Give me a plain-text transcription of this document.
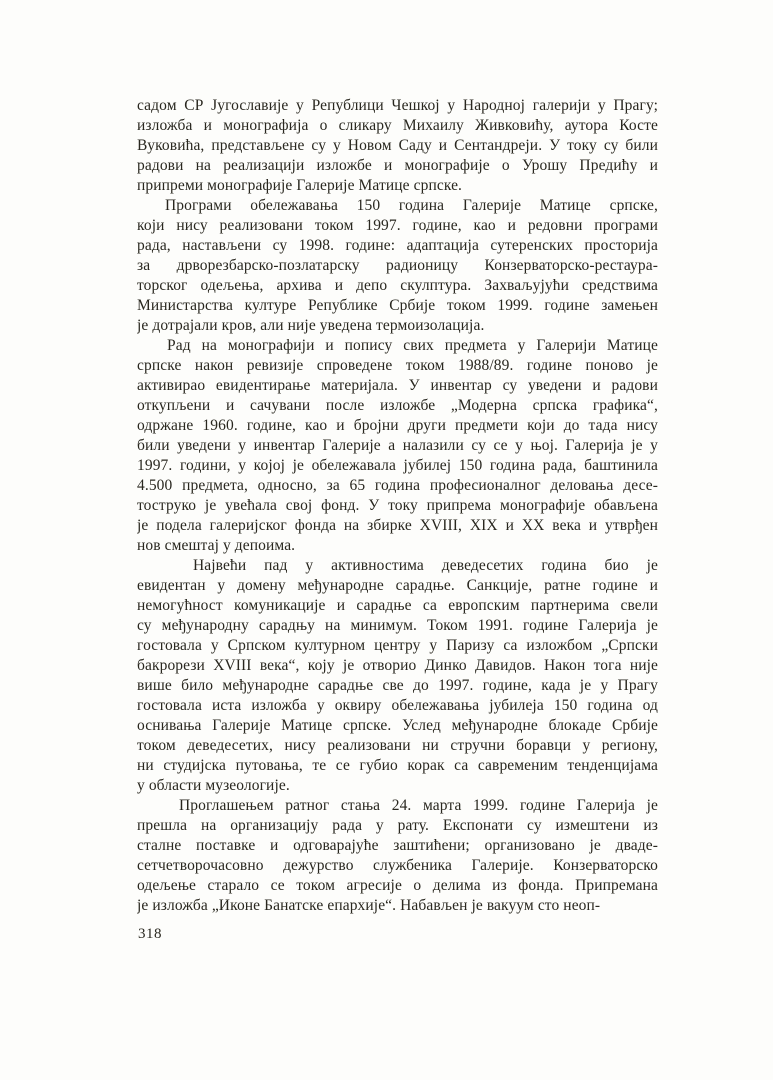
садом СР Југославије у Републици Чешкој у Народној галерији у Прагу;
изложба и монографија о сликару Михаилу Живковићу, аутора Косте
Вуковића, представљене су у Новом Саду и Сентандреји. У току су били
радови на реализацији изложбе и монографије о Урошу Предићу и
припреми монографије Галерије Матице српске.
Програми обележавања 150 година Галерије Матице српске,
који нису реализовани током 1997. године, као и редовни програми
рада, настављени су 1998. године: адаптација сутеренских просторија
за дрворезбарско-позлатарску радионицу Конзерваторско-рестаура-
торског одељења, архива и депо скулптура. Захваљујући средствима
Министарства културе Републике Србије током 1999. године замењен
је дотрајали кров, али није уведена термоизолација.
Рад на монографији и попису свих предмета у Галерији Матице
српске након ревизије спроведене током 1988/89. године поново је
активирао евидентирање материјала. У инвентар су уведени и радови
откупљени и сачувани после изложбе „Модерна српска графика“,
одржане 1960. године, као и бројни други предмети који до тада нису
били уведени у инвентар Галерије а налазили су се у њој. Галерија је у
1997. години, у којој је обележавала јубилеј 150 година рада, баштинила
4.500 предмета, односно, за 65 година професионалног деловања десе-
тоструко је увећала свој фонд. У току припрема монографије обављена
је подела галеријског фонда на збирке XVIII, XIX и XX века и утврђен
нов смештај у депоима.
Највећи пад у активностима деведесетих година био је
евидентан у домену међународне сарадње. Санкције, ратне године и
немогућност комуникације и сарадње са европским партнерима свели
су међународну сарадњу на минимум. Током 1991. године Галерија је
гостовала у Српском културном центру у Паризу са изложбом „Српски
бакрорези XVIII века“, коју је отворио Динко Давидов. Након тога није
више било међународне сарадње све до 1997. године, када је у Прагу
гостовала иста изложба у оквиру обележавања јубилеја 150 година од
оснивања Галерије Матице српске. Услед међународне блокаде Србије
током деведесетих, нису реализовани ни стручни боравци у региону,
ни студијска путовања, те се губио корак са савременим тенденцијама
у области музеологије.
Проглашењем ратног стања 24. марта 1999. године Галерија је
прешла на организацију рада у рату. Експонати су измештени из
сталне поставке и одговарајуће заштићени; организовано је дваде-
сетчетворочасовно дежурство службеника Галерије. Конзерваторско
одељење старало се током агресије о делима из фонда. Припремана
је изложба „Иконе Банатске епархије“. Набављен је вакуум сто неоп-
318
